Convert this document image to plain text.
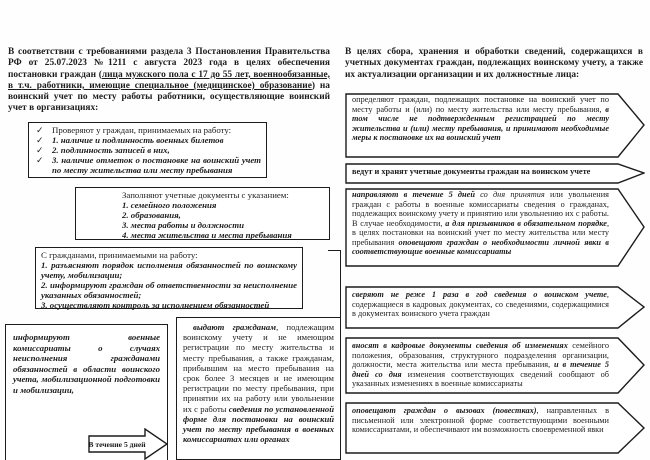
В соответствии с требованиями раздела 3 Постановления Правительства РФ от 25.07.2023 №1211 с августа 2023 года в целях обеспечения постановки граждан (лица мужского пола с 17 до 55 лет, военнообязанные, в т.ч. работники, имеющие специальное (медицинское) образование) на воинский учет по месту работы работники, осуществляющие воинский учет в организациях:
✓ Проверяют у граждан, принимаемых на работу:
✓ 1. наличие и подлинность военных билетов
✓ 2. подлинность записей в них,
✓ 3. наличие отметок о постановке на воинский учет по месту жительства или месту пребывания
Заполняют учетные документы с указанием:
1. семейного положения
2. образования,
3. места работы и должности
4. места жительства и места пребывания
С гражданами, принимаемыми на работу:
1. разъясняют порядок исполнения обязанностей по воинскому учету, мобилизации;
2. информируют граждан об ответственности за неисполнение указанных обязанностей;
3. осуществляют контроль за исполнением обязанностей
информируют военные комиссариаты о случаях неисполнения гражданами обязанностей в области воинского учета, мобилизационной подготовки и мобилизации,
В течение 5 дней
выдают гражданам, подлежащим воинскому учету и не имеющим регистрации по месту жительства и месту пребывания, а также гражданам, прибывшим на место пребывания на срок более 3 месяцев и не имеющим регистрации по месту пребывания, при принятии их на работу или увольнении их с работы сведения по установленной форме для постановки на воинский учет по месту пребывания в военных комиссариатах или органах
В целях сбора, хранения и обработки сведений, содержащихся в учетных документах граждан, подлежащих воинскому учету, а также их актуализации организации и их должностные лица:
определяют граждан, подлежащих постановке на воинский учет по месту работы и (или) по месту жительства или месту пребывания, в том числе не подтвержденным регистрацией по месту жительства и (или) месту пребывания, и принимают необходимые меры к постановке их на воинский учет
ведут и хранят учетные документы граждан на воинском учете
направляют в течение 5 дней со дня принятия или увольнения граждан с работы в военные комиссариаты сведения о гражданах, подлежащих воинскому учету и принятию или увольнению их с работы. В случае необходимости, а для призывников в обязательном порядке, в целях постановки на воинский учет по месту жительства или месту пребывания оповещают граждан о необходимости личной явки в соответствующие военные комиссариаты
сверяют не реже 1 раза в год сведения о воинском учете, содержащиеся в кадровых документах, со сведениями, содержащимися в документах воинского учета граждан
вносят в кадровые документы сведения об изменениях семейного положения, образования, структурного подразделения организации, должности, места жительства или места пребывания, и в течение 5 дней со дня изменения соответствующих сведений сообщают об указанных изменениях в военные комиссариаты
оповещают граждан о вызовах (повестках), направленных в письменной или электронной форме соответствующими военными комиссариатами, и обеспечивают им возможность своевременной явки
